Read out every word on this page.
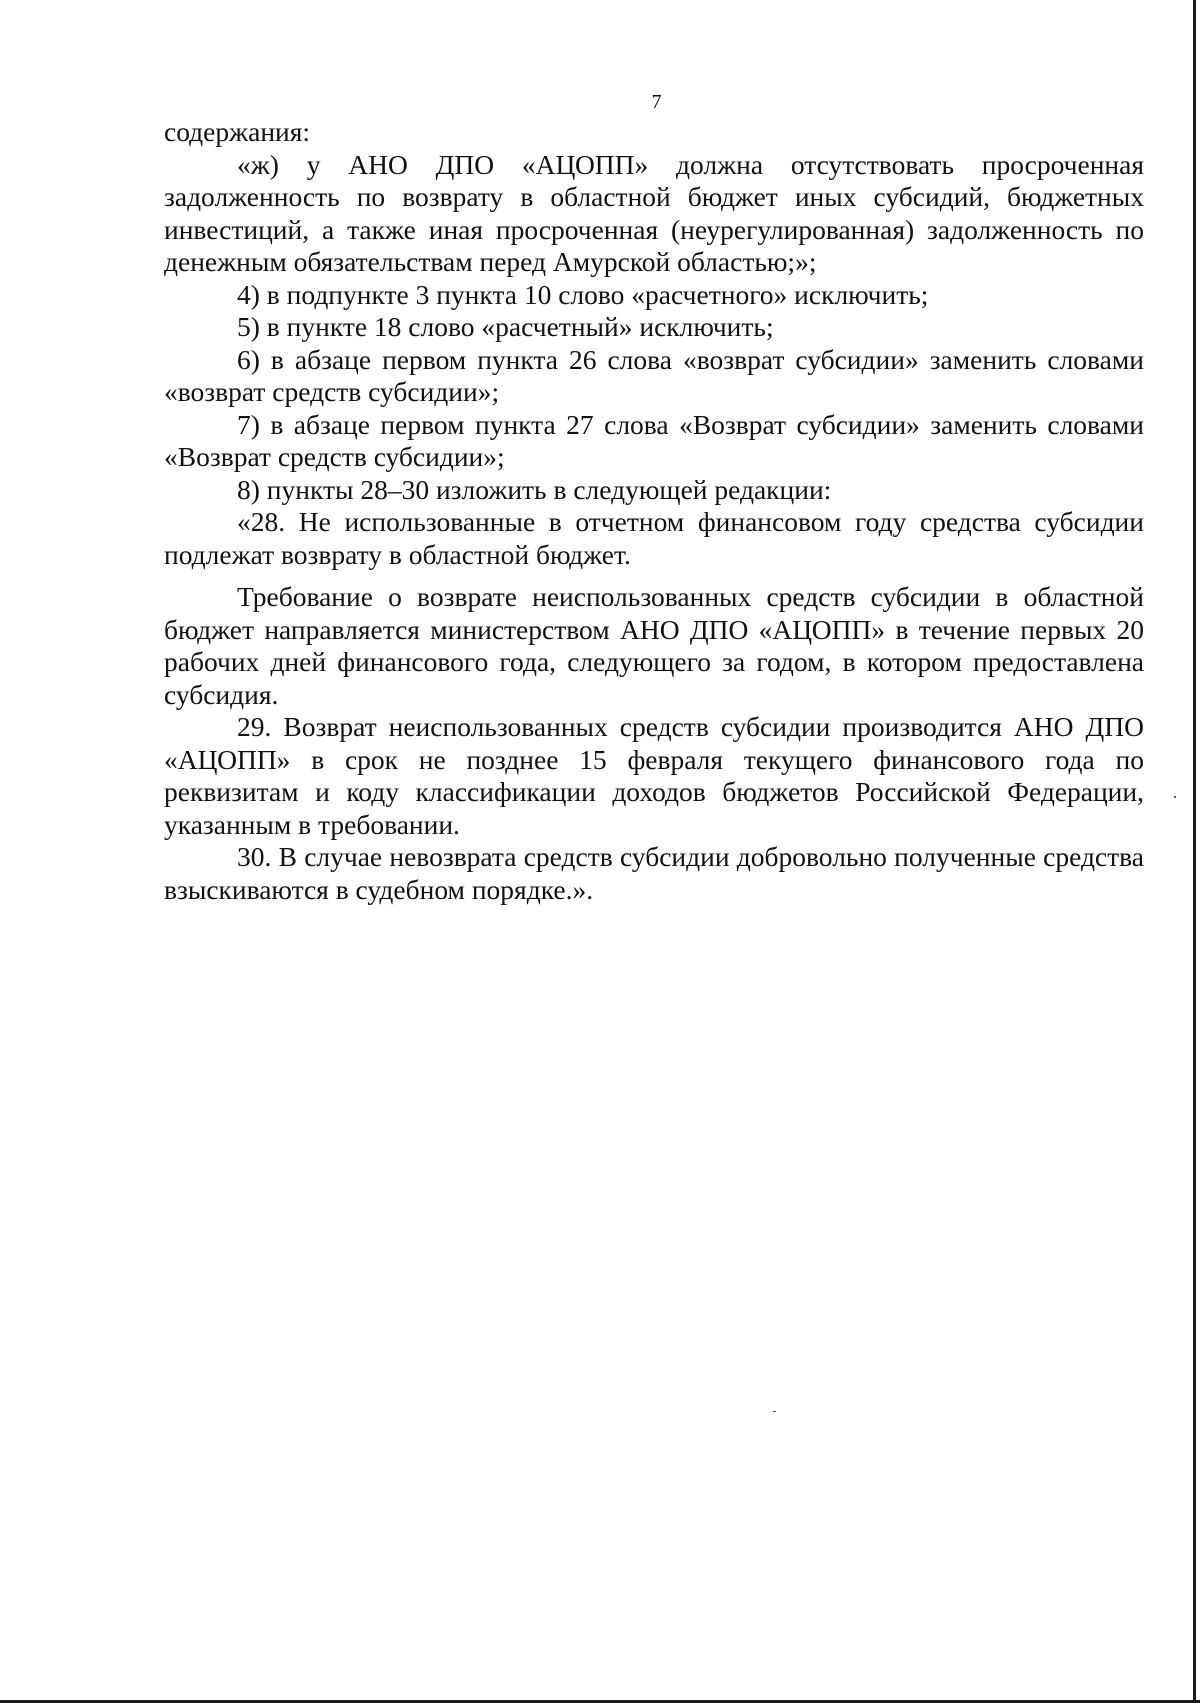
7

содержания:

«ж) у АНО ДПО «АЦОПП» должна отсутствовать просроченная задолженность по возврату в областной бюджет иных субсидий, бюджетных инвестиций, а также иная просроченная (неурегулированная) задолженность по денежным обязательствам перед Амурской областью;»;

4) в подпункте 3 пункта 10 слово «расчетного» исключить;

5) в пункте 18 слово «расчетный» исключить;

6) в абзаце первом пункта 26 слова «возврат субсидии» заменить словами «возврат средств субсидии»;

7) в абзаце первом пункта 27 слова «Возврат субсидии» заменить словами «Возврат средств субсидии»;

8) пункты 28–30 изложить в следующей редакции:

«28. Не использованные в отчетном финансовом году средства субсидии подлежат возврату в областной бюджет.

Требование о возврате неиспользованных средств субсидии в областной бюджет направляется министерством АНО ДПО «АЦОПП» в течение первых 20 рабочих дней финансового года, следующего за годом, в котором предоставлена субсидия.

29. Возврат неиспользованных средств субсидии производится АНО ДПО «АЦОПП» в срок не позднее 15 февраля текущего финансового года по реквизитам и коду классификации доходов бюджетов Российской Федерации, указанным в требовании.

30. В случае невозврата средств субсидии добровольно полученные средства взыскиваются в судебном порядке.».
